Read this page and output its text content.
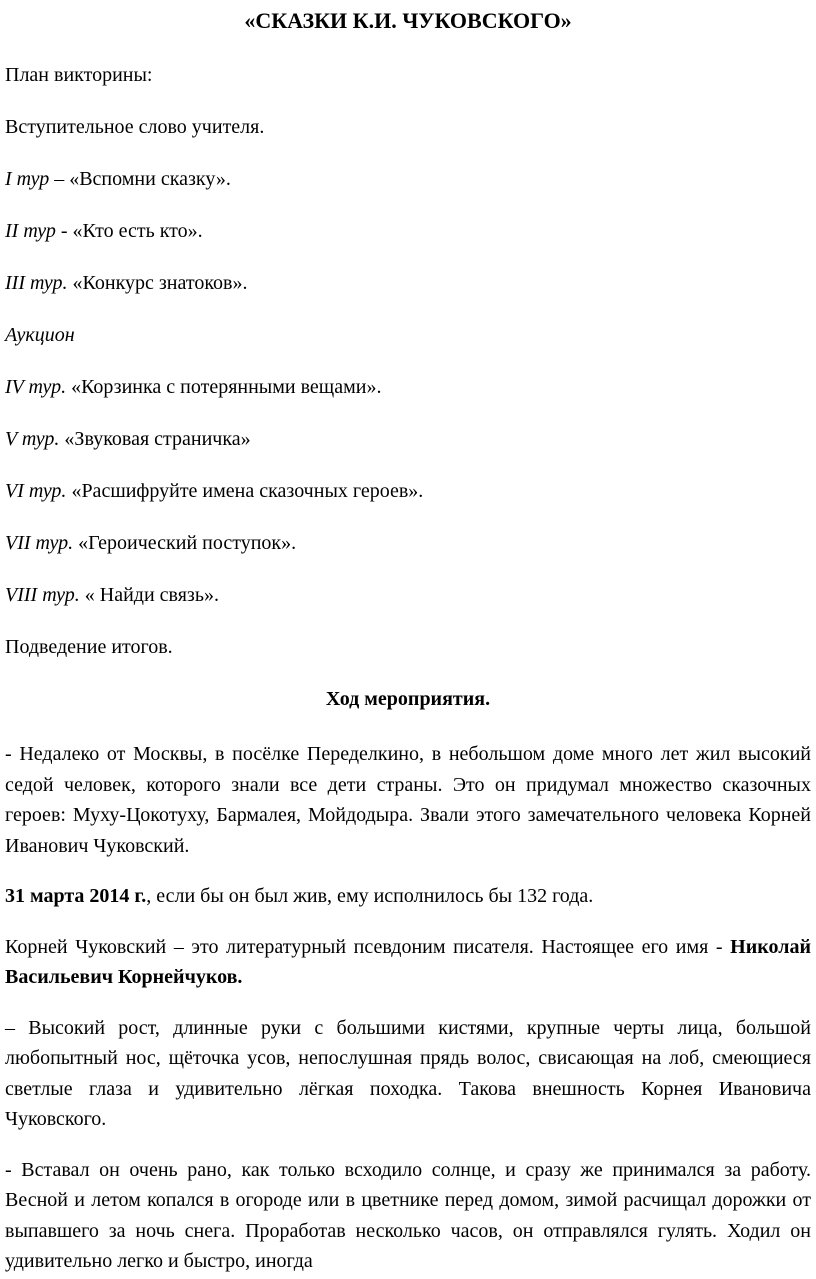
«СКАЗКИ К.И. ЧУКОВСКОГО»

План викторины:

Вступительное слово учителя.

I тур – «Вспомни сказку».

II тур - «Кто есть кто».

III тур. «Конкурс знатоков».

Аукцион

IV тур. «Корзинка с потерянными вещами».

V тур. «Звуковая страничка»

VI тур. «Расшифруйте имена сказочных героев».

VII тур. «Героический поступок».

VIII тур. « Найди связь».

Подведение итогов.

Ход мероприятия.

- Недалеко от Москвы, в посёлке Переделкино, в небольшом доме много лет жил высокий седой человек, которого знали все дети страны. Это он придумал множество сказочных героев: Муху-Цокотуху, Бармалея, Мойдодыра. Звали этого замечательного человека Корней Иванович Чуковский.

31 марта 2014 г., если бы он был жив, ему исполнилось бы 132 года.

Корней Чуковский – это литературный псевдоним писателя. Настоящее его имя - Николай Васильевич Корнейчуков.

– Высокий рост, длинные руки с большими кистями, крупные черты лица, большой любопытный нос, щёточка усов, непослушная прядь волос, свисающая на лоб, смеющиеся светлые глаза и удивительно лёгкая походка. Такова внешность Корнея Ивановича Чуковского.

- Вставал он очень рано, как только всходило солнце, и сразу же принимался за работу. Весной и летом копался в огороде или в цветнике перед домом, зимой расчищал дорожки от выпавшего за ночь снега. Проработав несколько часов, он отправлялся гулять. Ходил он удивительно легко и быстро, иногда
